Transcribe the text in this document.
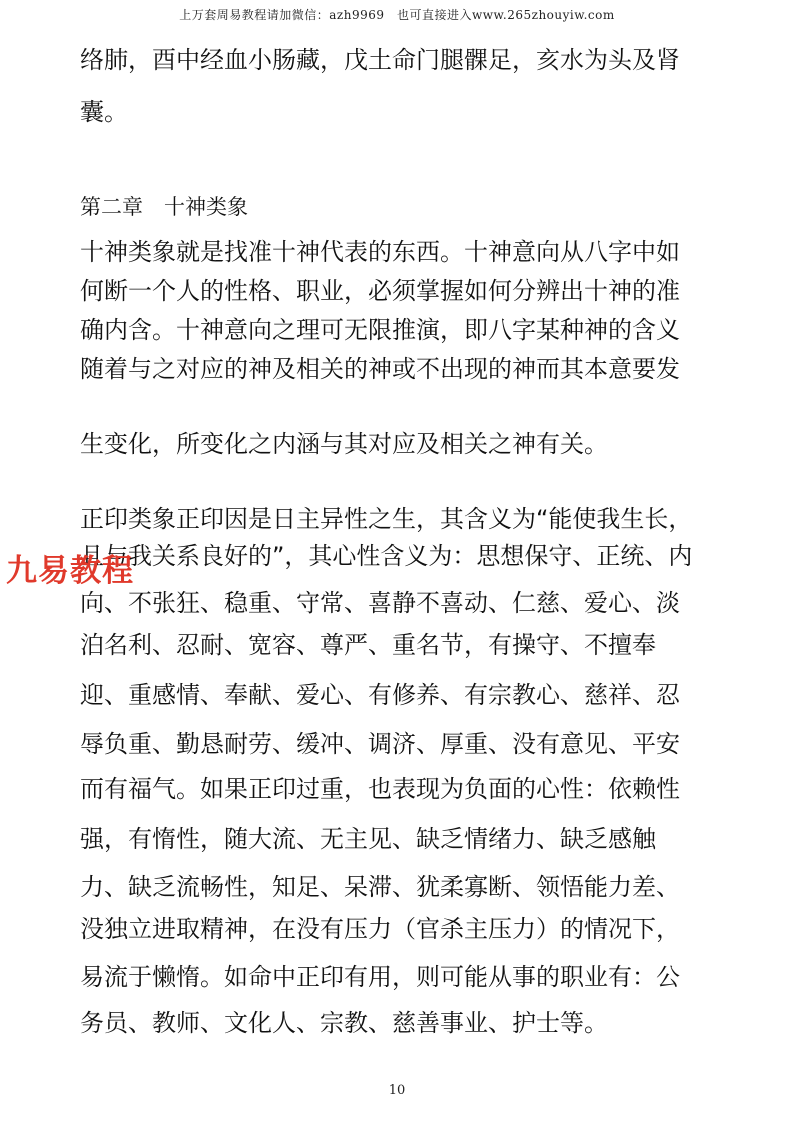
上万套周易教程请加微信：azh9969　也可直接进入www.265zhouyiw.com
络肺，酉中经血小肠藏，戊土命门腿髁足，亥水为头及肾
囊。
第二章　十神类象
十神类象就是找准十神代表的东西。十神意向从八字中如
何断一个人的性格、职业，必须掌握如何分辨出十神的准
确内含。十神意向之理可无限推演，即八字某种神的含义
随着与之对应的神及相关的神或不出现的神而其本意要发
生变化，所变化之内涵与其对应及相关之神有关。
正印类象正印因是日主异性之生，其含义为“能使我生长，
且与我关系良好的”，其心性含义为：思想保守、正统、内
向、不张狂、稳重、守常、喜静不喜动、仁慈、爱心、淡
泊名利、忍耐、宽容、尊严、重名节，有操守、不擅奉
迎、重感情、奉献、爱心、有修养、有宗教心、慈祥、忍
辱负重、勤恳耐劳、缓冲、调济、厚重、没有意见、平安
而有福气。如果正印过重，也表现为负面的心性：依赖性
强，有惰性，随大流、无主见、缺乏情绪力、缺乏感触
力、缺乏流畅性，知足、呆滞、犹柔寡断、领悟能力差、
没独立进取精神，在没有压力（官杀主压力）的情况下，
易流于懒惰。如命中正印有用，则可能从事的职业有：公
务员、教师、文化人、宗教、慈善事业、护士等。
九易教程
10
